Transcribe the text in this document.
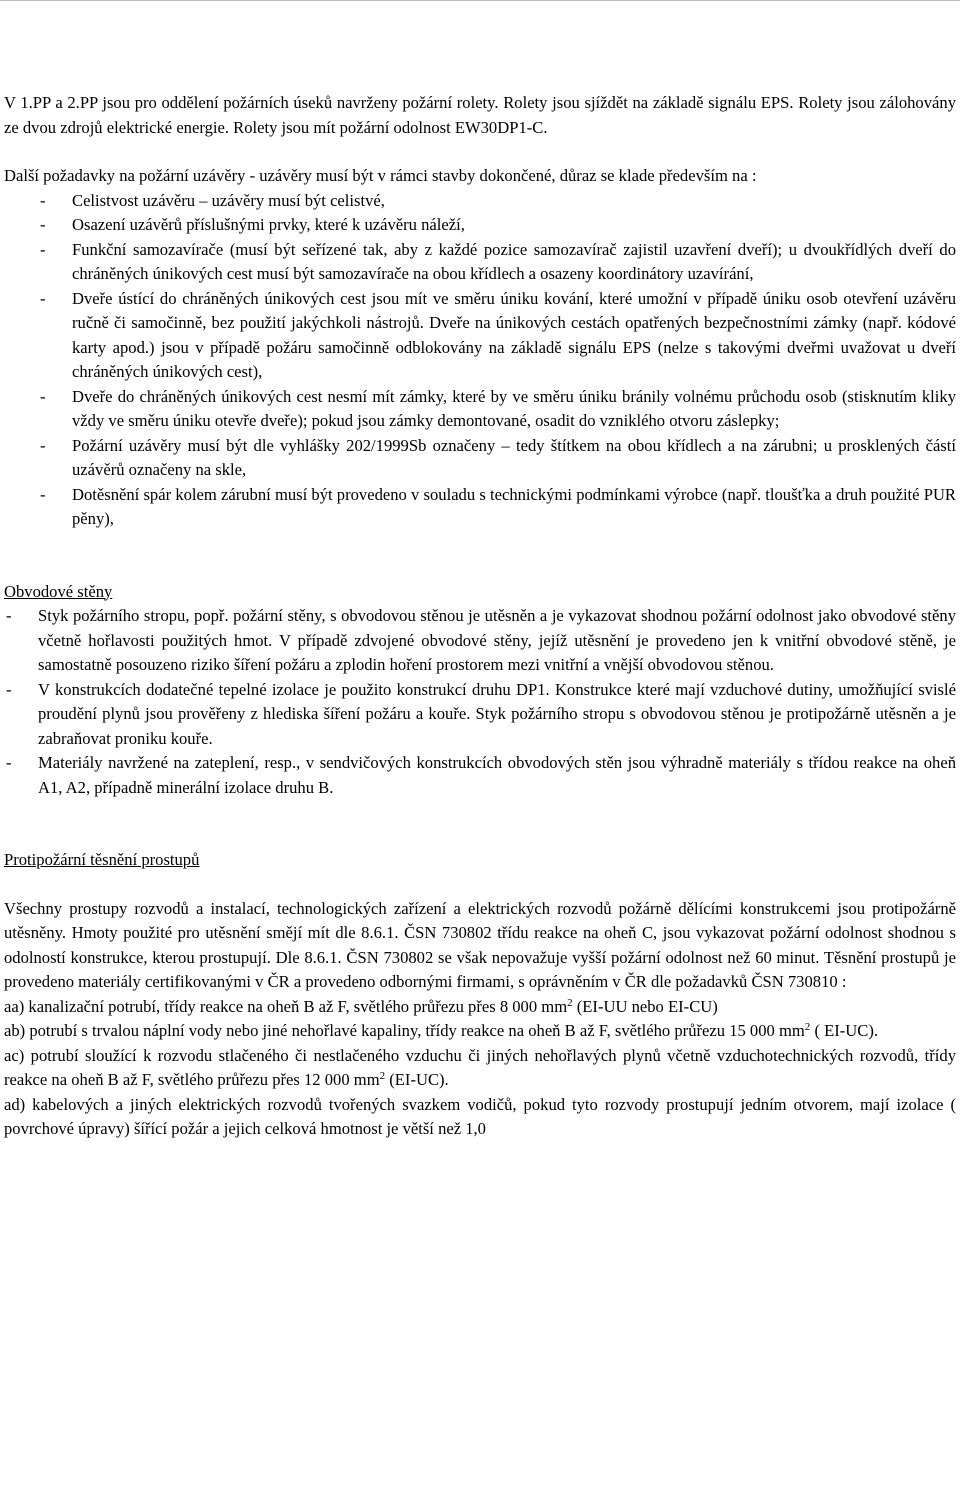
V 1.PP a 2.PP jsou pro oddělení požárních úseků navrženy požární rolety. Rolety jsou sjíždět na základě signálu EPS. Rolety jsou zálohovány ze dvou zdrojů elektrické energie. Rolety jsou mít požární odolnost EW30DP1-C.

Další požadavky na požární uzávěry - uzávěry musí být v rámci stavby dokončené, důraz se klade především na :

- Celistvost uzávěru – uzávěry musí být celistvé,
- Osazení uzávěrů příslušnými prvky, které k uzávěru náleží,
- Funkční samozavírače (musí být seřízené tak, aby z každé pozice samozavírač zajistil uzavření dveří); u dvoukřídlých dveří do chráněných únikových cest musí být samozavírače na obou křídlech a osazeny koordinátory uzavírání,
- Dveře ústící do chráněných únikových cest jsou mít ve směru úniku kování, které umožní v případě úniku osob otevření uzávěru ručně či samočinně, bez použití jakýchkoli nástrojů. Dveře na únikových cestách opatřených bezpečnostními zámky (např. kódové karty apod.) jsou v případě požáru samočinně odblokovány na základě signálu EPS (nelze s takovými dveřmi uvažovat u dveří chráněných únikových cest),
- Dveře do chráněných únikových cest nesmí mít zámky, které by ve směru úniku bránily volnému průchodu osob (stisknutím kliky vždy ve směru úniku otevře dveře); pokud jsou zámky demontované, osadit do vzniklého otvoru záslepky;
- Požární uzávěry musí být dle vyhlášky 202/1999Sb označeny – tedy štítkem na obou křídlech a na zárubni; u prosklených částí uzávěrů označeny na skle,
- Dotěsnění spár kolem zárubní musí být provedeno v souladu s technickými podmínkami výrobce (např. tloušťka a druh použité PUR pěny),

Obvodové stěny

- Styk požárního stropu, popř. požární stěny, s obvodovou stěnou je utěsněn a je vykazovat shodnou požární odolnost jako obvodové stěny včetně hořlavosti použitých hmot. V případě zdvojené obvodové stěny, jejíž utěsnění je provedeno jen k vnitřní obvodové stěně, je samostatně posouzeno riziko šíření požáru a zplodin hoření prostorem mezi vnitřní a vnější obvodovou stěnou.
- V konstrukcích dodatečné tepelné izolace je použito konstrukcí druhu DP1. Konstrukce které mají vzduchové dutiny, umožňující svislé proudění plynů jsou prověřeny z hlediska šíření požáru a kouře. Styk požárního stropu s obvodovou stěnou je protipožárně utěsněn a je zabraňovat proniku kouře.
- Materiály navržené na zateplení, resp., v sendvičových konstrukcích obvodových stěn jsou výhradně materiály s třídou reakce na oheň A1, A2, případně minerální izolace druhu B.

Protipožární těsnění prostupů

Všechny prostupy rozvodů a instalací, technologických zařízení a elektrických rozvodů požárně dělícími konstrukcemi jsou protipožárně utěsněny. Hmoty použité pro utěsnění smějí mít dle 8.6.1. ČSN 730802 třídu reakce na oheň C, jsou vykazovat požární odolnost shodnou s odolností konstrukce, kterou prostupují. Dle 8.6.1. ČSN 730802 se však nepovažuje vyšší požární odolnost než 60 minut. Těsnění prostupů je provedeno materiály certifikovanými v ČR a provedeno odbornými firmami, s oprávněním v ČR dle požadavků ČSN 730810 :

aa) kanalizační potrubí, třídy reakce na oheň B až F, světlého průřezu přes 8 000 $mm^2$ (EI-UU nebo EI-CU)

ab) potrubí s trvalou náplní vody nebo jiné nehořlavé kapaliny, třídy reakce na oheň B až F, světlého průřezu 15 000 $mm^2$ ( EI-UC).

ac) potrubí sloužící k rozvodu stlačeného či nestlačeného vzduchu či jiných nehořlavých plynů včetně vzduchotechnických rozvodů, třídy reakce na oheň B až F, světlého průřezu přes 12 000 $mm^2$ (EI-UC).

ad) kabelových a jiných elektrických rozvodů tvořených svazkem vodičů, pokud tyto rozvody prostupují jedním otvorem, mají izolace ( povrchové úpravy) šířící požár a jejich celková hmotnost je větší než 1,0
